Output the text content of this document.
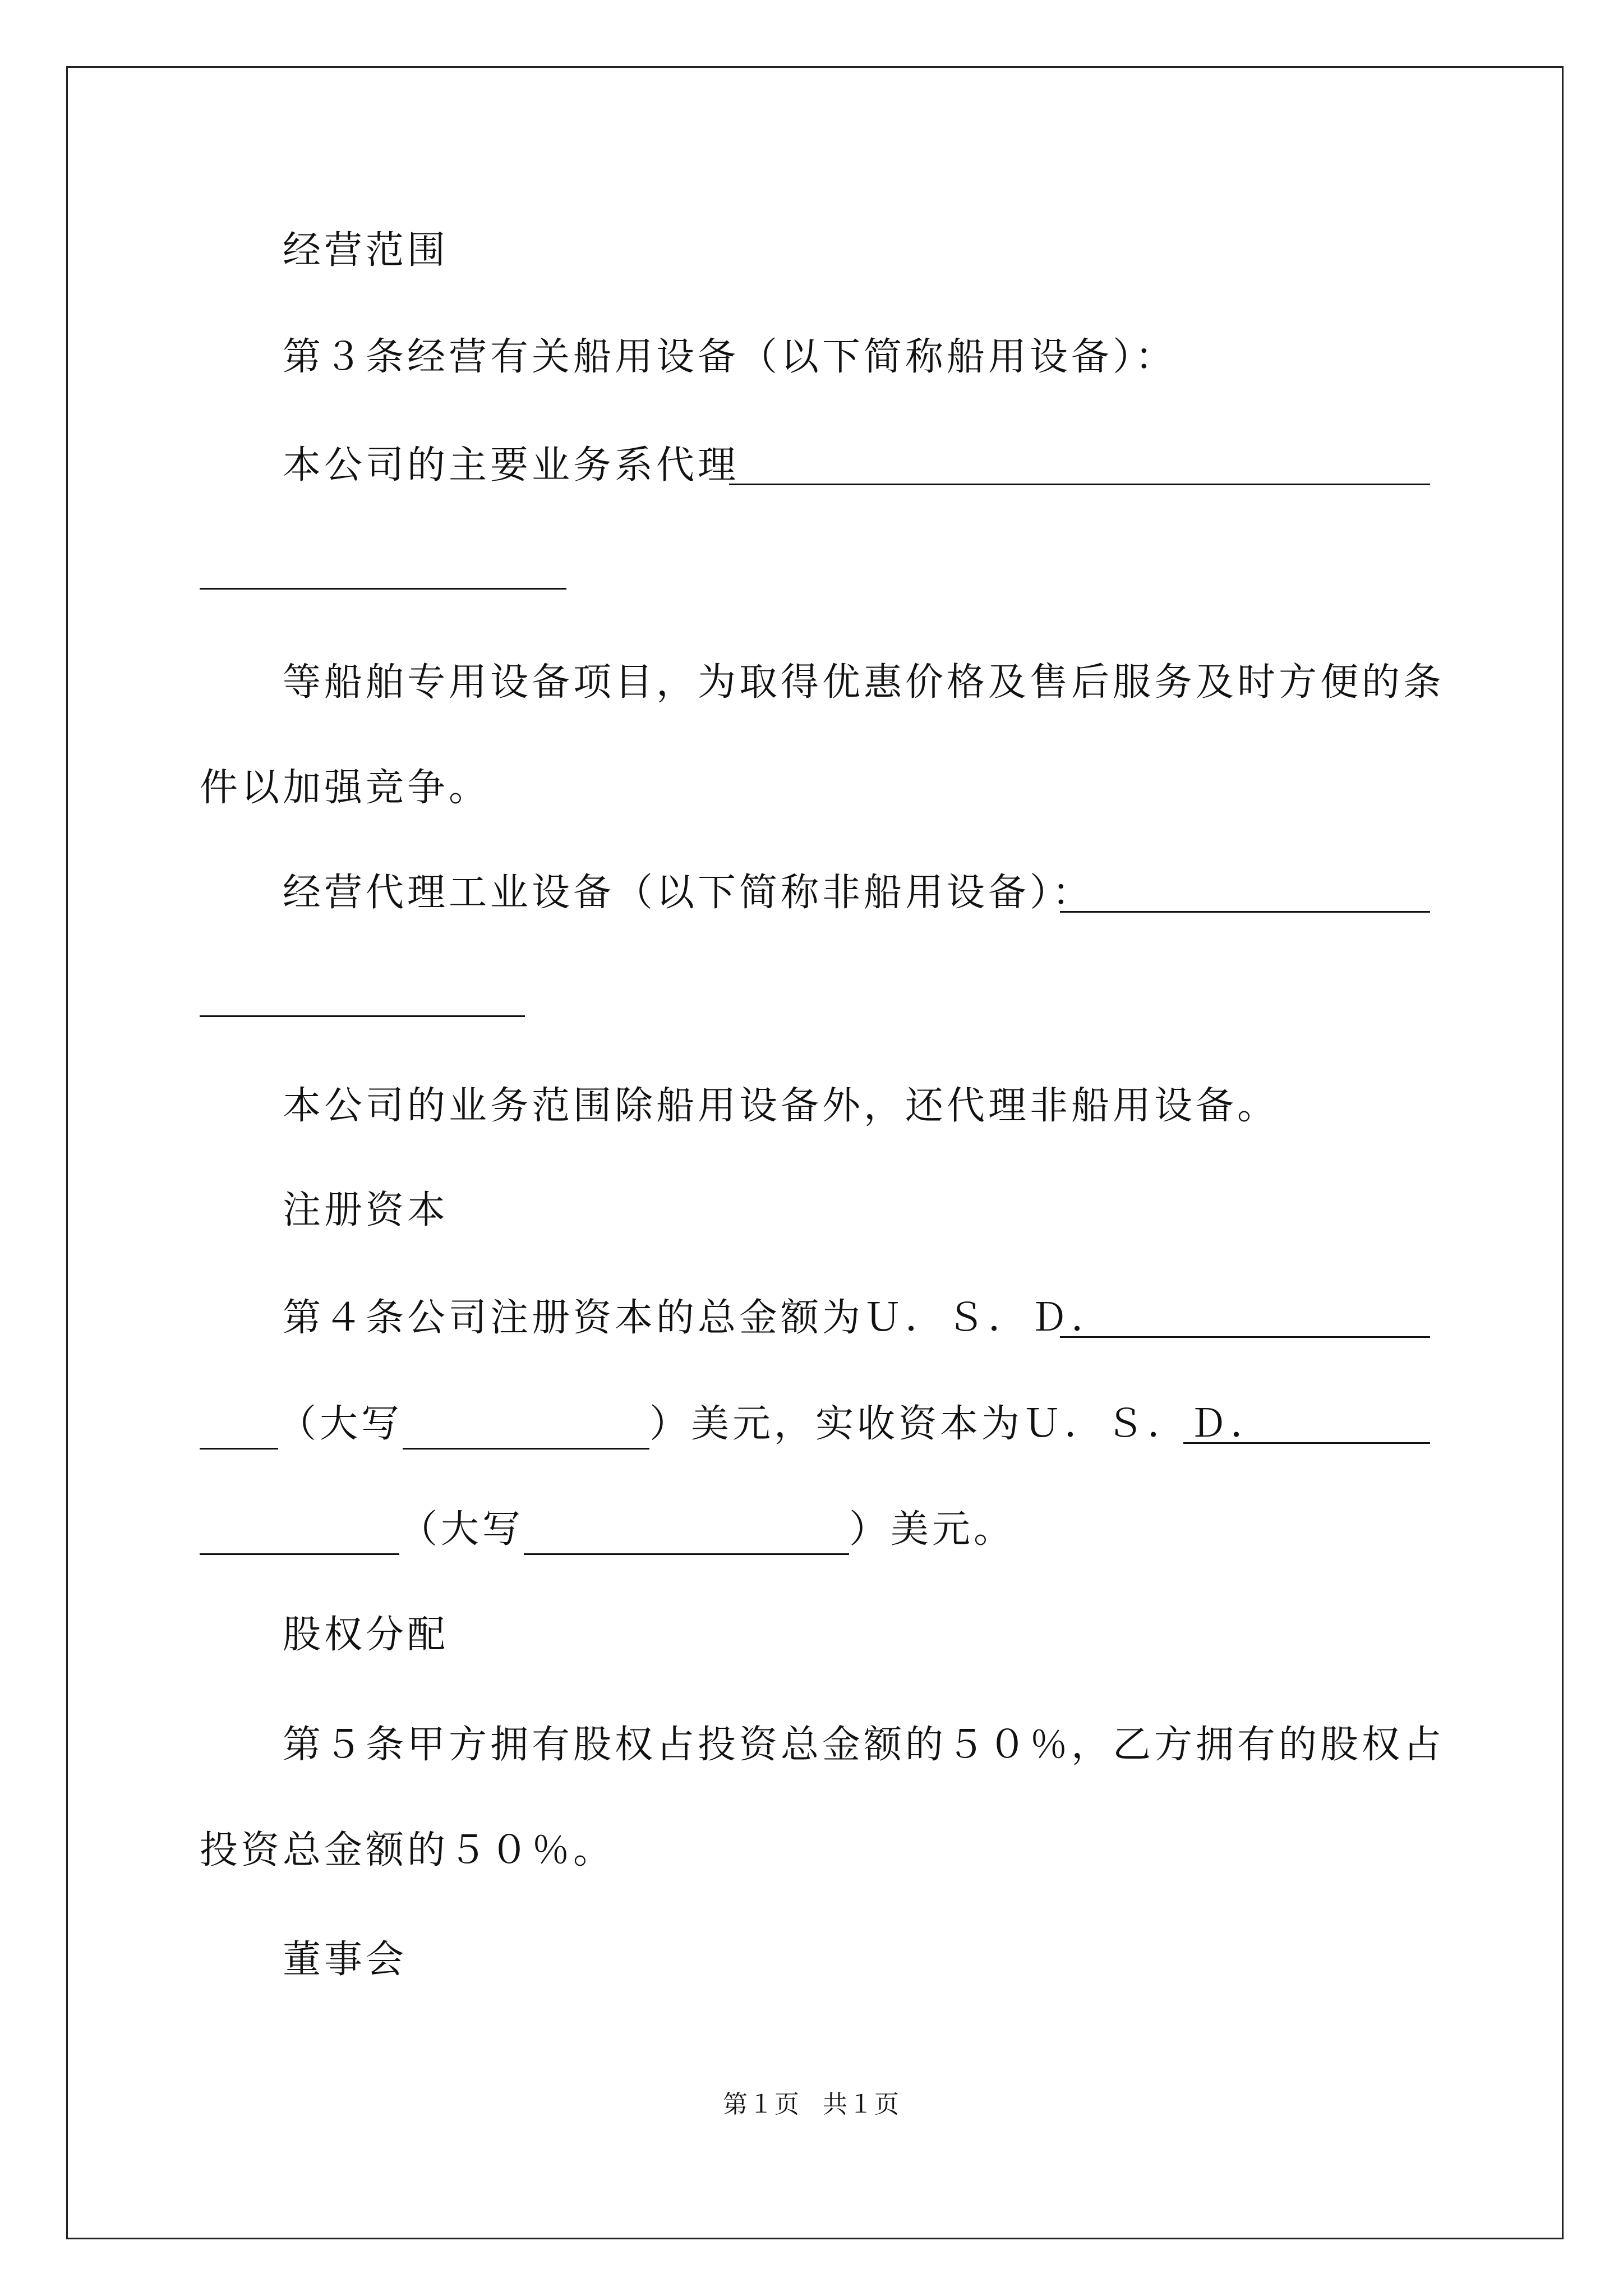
经营范围
第３条经营有关船用设备（以下简称船用设备）：
本公司的主要业务系代理
等船舶专用设备项目，为取得优惠价格及售后服务及时方便的条
件以加强竞争。
经营代理工业设备（以下简称非船用设备）：
本公司的业务范围除船用设备外，还代理非船用设备。
注册资本
第４条公司注册资本的总金额为Ｕ．Ｓ．Ｄ．
（大写	）美元，实收资本为Ｕ．Ｓ．Ｄ．
（大写	）美元。
股权分配
第５条甲方拥有股权占投资总金额的５０％，乙方拥有的股权占
投资总金额的５０％。
董事会
第１页 共１页
